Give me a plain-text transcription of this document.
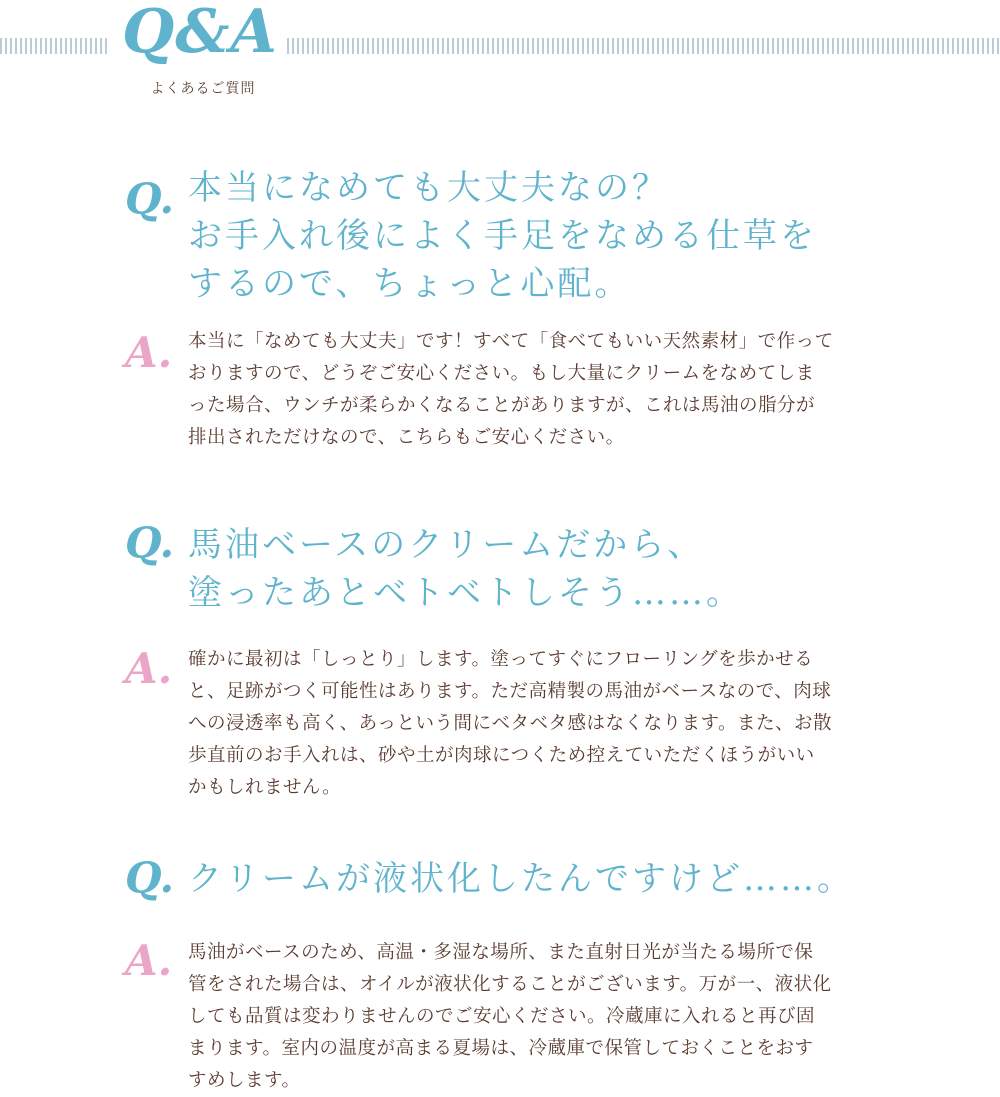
Q&A
よくあるご質問
Q. 本当になめても大丈夫なの？
お手入れ後によく手足をなめる仕草を
するので、ちょっと心配。
A. 本当に「なめても大丈夫」です！すべて「食べてもいい天然素材」で作って
おりますので、どうぞご安心ください。もし大量にクリームをなめてしま
った場合、ウンチが柔らかくなることがありますが、これは馬油の脂分が
排出されただけなので、こちらもご安心ください。
Q. 馬油ベースのクリームだから、
塗ったあとベトベトしそう……。
A. 確かに最初は「しっとり」します。塗ってすぐにフローリングを歩かせる
と、足跡がつく可能性はあります。ただ高精製の馬油がベースなので、肉球
への浸透率も高く、あっという間にベタベタ感はなくなります。また、お散
歩直前のお手入れは、砂や土が肉球につくため控えていただくほうがいい
かもしれません。
Q. クリームが液状化したんですけど……。
A. 馬油がベースのため、高温・多湿な場所、また直射日光が当たる場所で保
管をされた場合は、オイルが液状化することがございます。万が一、液状化
しても品質は変わりませんのでご安心ください。冷蔵庫に入れると再び固
まります。室内の温度が高まる夏場は、冷蔵庫で保管しておくことをおす
すめします。
